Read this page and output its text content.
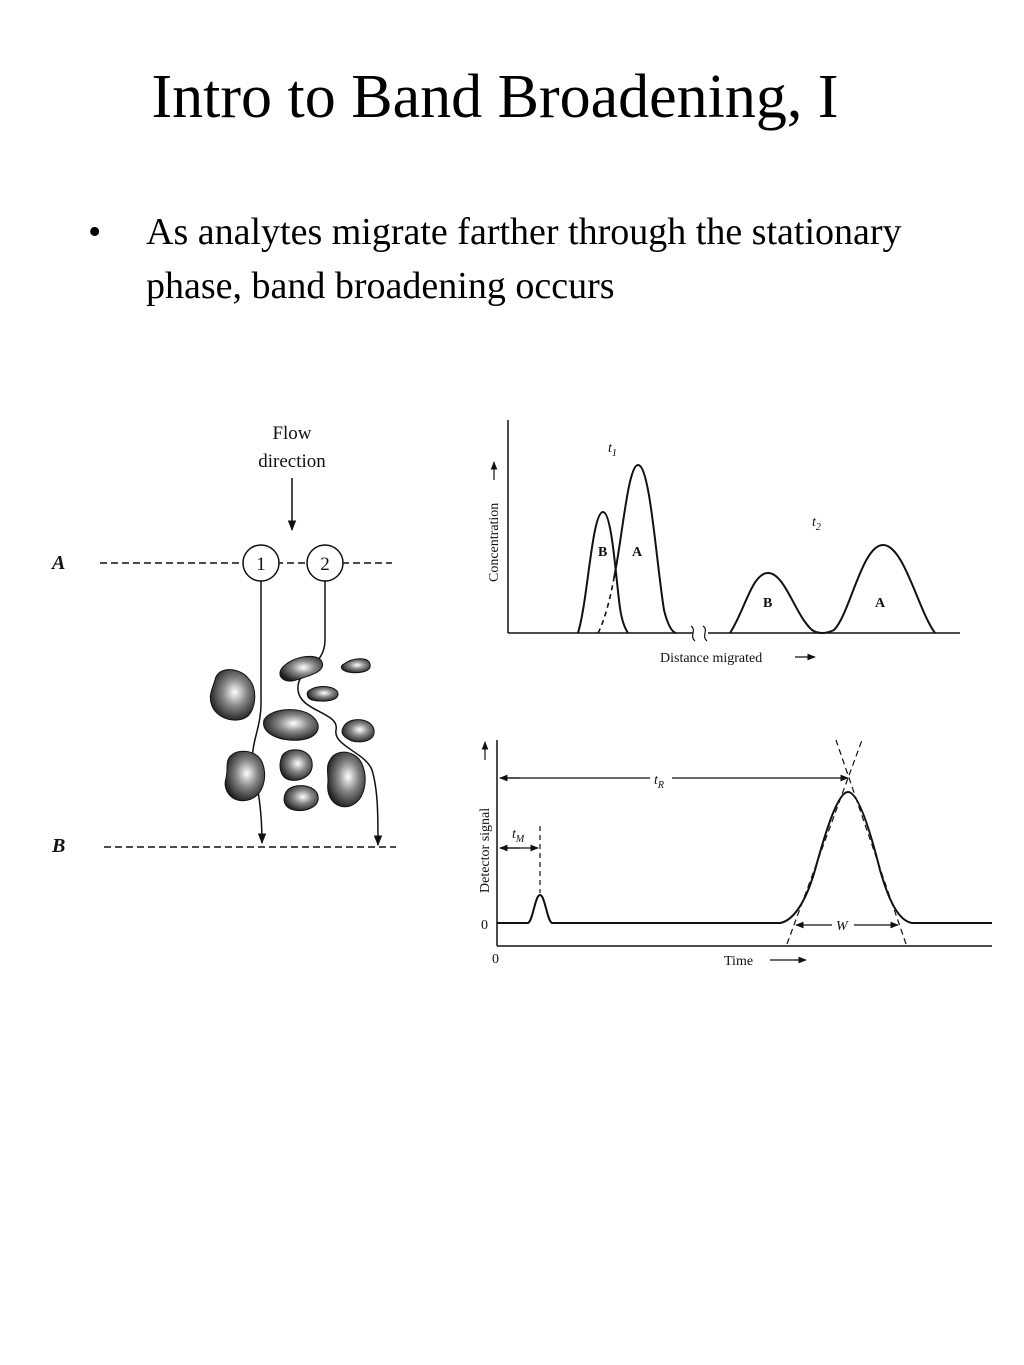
Intro to Band Broadening, I
• As analytes migrate farther through the stationary phase, band broadening occurs
Flow
direction
A
B
1	2	Concentration
Distance migrated
$t_1$
$t_2$
B A
B	A
Detector signal
0
0	Time
$t_R$
$t_M$
W
